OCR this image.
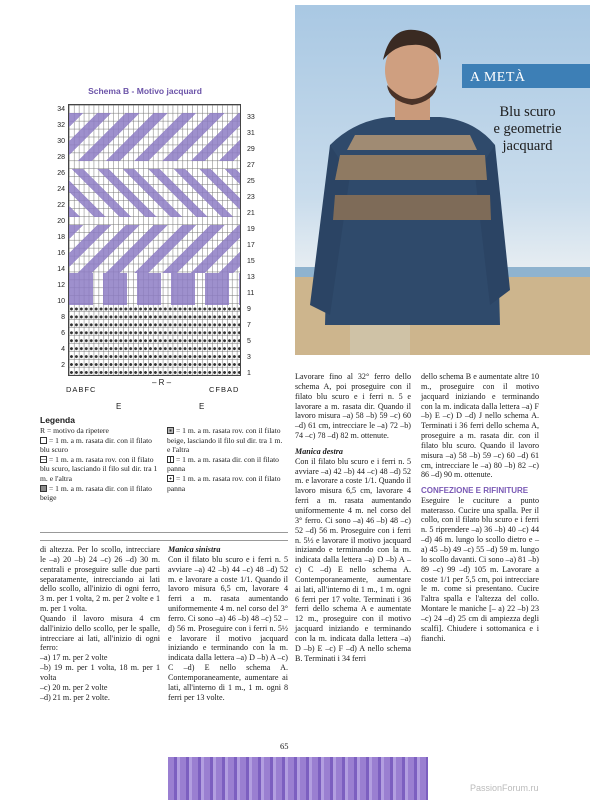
Schema B - Motivo jacquard
34
32
30
28
26
24
22
20
18
16
14
12
10
8
6
4
2
33
31
29
27
25
23
21
19
17
15
13
11
9
7
5
3
1
DABFC	CFBAD
– R –
E	E
Legenda
R = motivo da ripetere
= 1 m. a m. rasata dir. con il filato blu scuro
= 1 m. a m. rasata rov. con il filato blu scuro, lasciando il filo sul dir. tra 1 m. e l'altra
= 1 m. a m. rasata dir. con il filato beige
= 1 m. a m. rasata rov. con il filato beige, lasciando il filo sul dir. tra 1 m. e l'altra
= 1 m. a m. rasata dir. con il filato panna
= 1 m. a m. rasata rov. con il filato panna

di altezza. Per lo scollo, intrecciare le –a) 20 –b) 24 –c) 26 –d) 30 m. centrali e proseguire sulle due parti separatamente, intrecciando ai lati dello scollo, all'inizio di ogni ferro, 3 m. per 1 volta, 2 m. per 2 volte e 1 m. per 1 volta.

Quando il lavoro misura 4 cm dall'inizio dello scollo, per le spalle, intrecciare ai lati, all'inizio di ogni ferro:

–a) 17 m. per 2 volte

–b) 19 m. per 1 volta, 18 m. per 1 volta

–c) 20 m. per 2 volte

–d) 21 m. per 2 volte.

Manica sinistra

Con il filato blu scuro e i ferri n. 5 avviare –a) 42 –b) 44 –c) 48 –d) 52 m. e lavorare a coste 1/1. Quando il lavoro misura 6,5 cm, lavorare 4 ferri a m. rasata aumentando uniformemente 4 m. nel corso del 3° ferro. Ci sono –a) 46 –b) 48 –c) 52 –d) 56 m. Proseguire con i ferri n. 5½ e lavorare il motivo jacquard iniziando e terminando con la m. indicata dalla lettera –a) D –b) A –c) C –d) E nello schema A. Contemporaneamente, aumentare ai lati, all'interno di 1 m., 1 m. ogni 8 ferri per 13 volte.

A METÀ
Blu scuro
e geometrie
jacquard

Lavorare fino al 32° ferro dello schema A, poi proseguire con il filato blu scuro e i ferri n. 5 e lavorare a m. rasata dir. Quando il lavoro misura –a) 58 –b) 59 –c) 60 –d) 61 cm, intrecciare le –a) 72 –b) 74 –c) 78 –d) 82 m. ottenute.

Manica destra

Con il filato blu scuro e i ferri n. 5 avviare –a) 42 –b) 44 –c) 48 –d) 52 m. e lavorare a coste 1/1. Quando il lavoro misura 6,5 cm, lavorare 4 ferri a m. rasata aumentando uniformemente 4 m. nel corso del 3° ferro. Ci sono –a) 46 –b) 48 –c) 52 –d) 56 m. Proseguire con i ferri n. 5½ e lavorare il motivo jacquard iniziando e terminando con la m. indicata dalla lettera –a) D –b) A –c) C –d) E nello schema A. Contemporaneamente, aumentare ai lati, all'interno di 1 m., 1 m. ogni 6 ferri per 17 volte. Terminati i 36 ferri dello schema A e aumentate 12 m., proseguire con il motivo jacquard iniziando e terminando con la m. indicata dalla lettera –a) D –b) E –c) F –d) A nello schema B. Terminati i 34 ferri

dello schema B e aumentate altre 10 m., proseguire con il motivo jacquard iniziando e terminando con la m. indicata dalla lettera –a) F –b) E –c) D –d) J nello schema A. Terminati i 36 ferri dello schema A, proseguire a m. rasata dir. con il filato blu scuro. Quando il lavoro misura –a) 58 –b) 59 –c) 60 –d) 61 cm, intrecciare le –a) 80 –b) 82 –c) 86 –d) 90 m. ottenute.

CONFEZIONE E RIFINITURE

Eseguire le cuciture a punto materasso. Cucire una spalla. Per il collo, con il filato blu scuro e i ferri n. 5 riprendere –a) 36 –b) 40 –c) 44 –d) 46 m. lungo lo scollo dietro e –a) 45 –b) 49 –c) 55 –d) 59 m. lungo lo scollo davanti. Ci sono –a) 81 –b) 89 –c) 99 –d) 105 m. Lavorare a coste 1/1 per 5,5 cm, poi intrecciare le m. come si presentano. Cucire l'altra spalla e l'altezza del collo. Montare le maniche [– a) 22 –b) 23 –c) 24 –d) 25 cm di ampiezza degli scalfi]. Chiudere i sottomanica e i fianchi.

65
PassionForum.ru
